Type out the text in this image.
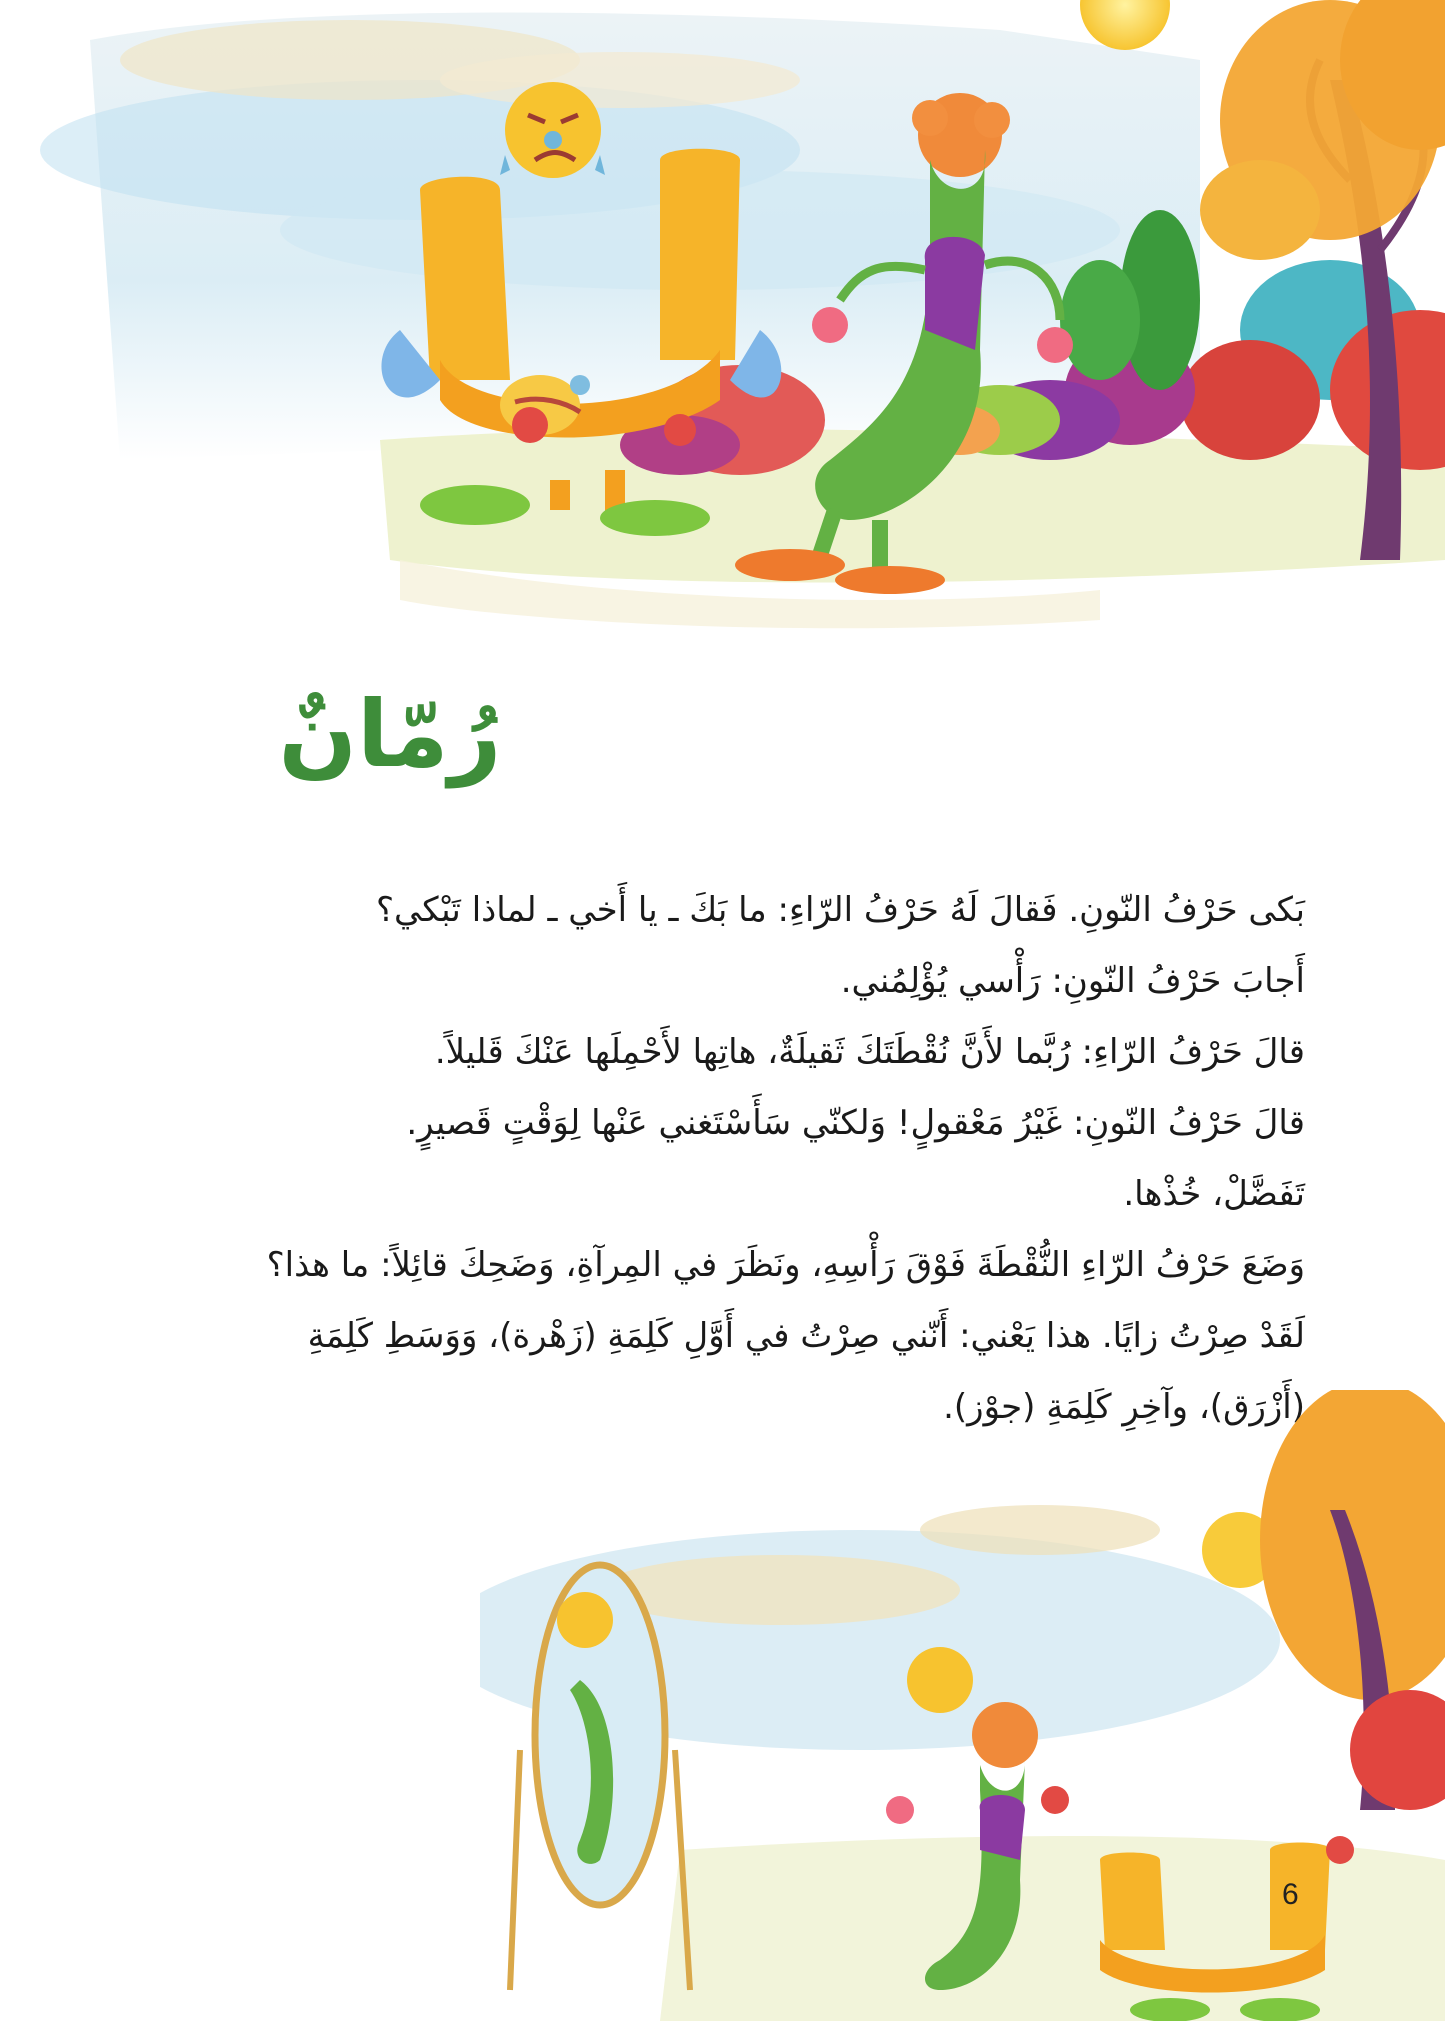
رُمّانٌ

بَكى حَرْفُ النّونِ. فَقالَ لَهُ حَرْفُ الرّاءِ: ما بَكَ ـ يا أَخي ـ لماذا تَبْكي؟

أَجابَ حَرْفُ النّونِ: رَأْسي يُؤْلِمُني.

قالَ حَرْفُ الرّاءِ: رُبَّما لأَنَّ نُقْطَتَكَ ثَقيلَةٌ، هاتِها لأَحْمِلَها عَنْكَ قَليلاً.

قالَ حَرْفُ النّونِ: غَيْرُ مَعْقولٍ! وَلكنّي سَأَسْتَغني عَنْها لِوَقْتٍ قَصيرٍ.

تَفَضَّلْ، خُذْها.

وَضَعَ حَرْفُ الرّاءِ النُّقْطَةَ فَوْقَ رَأْسِهِ، ونَظَرَ في المِرآةِ، وَضَحِكَ قائِلاً: ما هذا؟

لَقَدْ صِرْتُ زايًا. هذا يَعْني: أَنّني صِرْتُ في أَوَّلِ كَلِمَةِ (زَهْرة)، وَوَسَطِ كَلِمَةِ

(أَزْرَق)، وآخِرِ كَلِمَةِ (جوْز).

6
